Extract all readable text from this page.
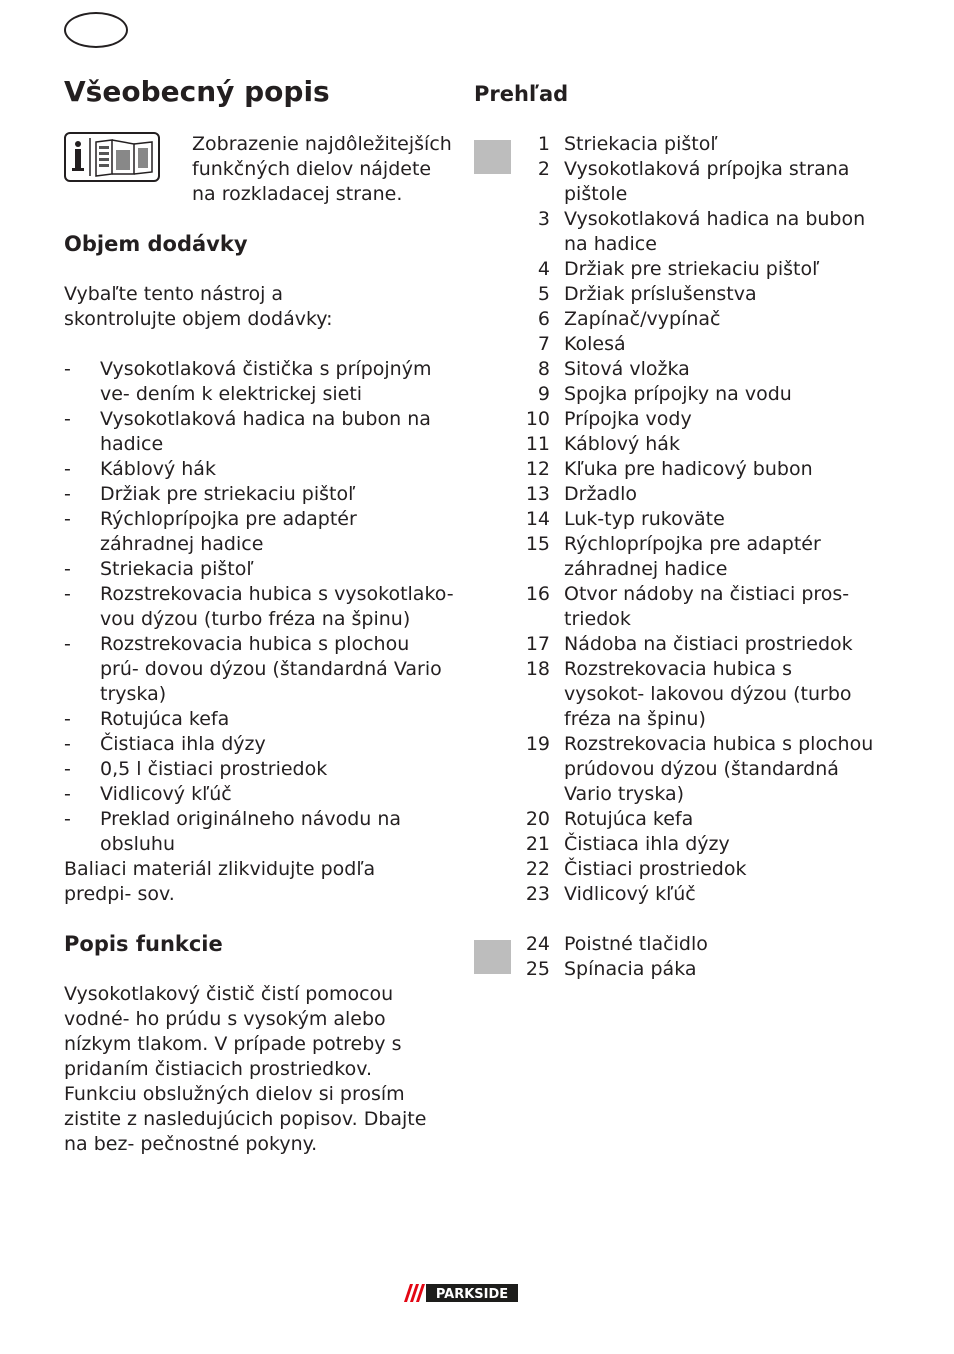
Všeobecný popis

Zobrazenie najdôležitejších funkčných dielov nájdete na rozkladacej strane.

Objem dodávky

Vybaľte tento nástroj a skontrolujte objem dodávky:

- Vysokotlaková čistička s prípojným ve- dením k elektrickej sieti
- Vysokotlaková hadica na bubon na hadice
- Káblový hák
- Držiak pre striekaciu pištoľ
- Rýchloprípojka pre adaptér záhradnej hadice
- Striekacia pištoľ
- Rozstrekovacia hubica s vysokotlako- vou dýzou (turbo fréza na špinu)
- Rozstrekovacia hubica s plochou prú- dovou dýzou (štandardná Vario tryska)
- Rotujúca kefa
- Čistiaca ihla dýzy
- 0,5 l čistiaci prostriedok
- Vidlicový kľúč
- Preklad originálneho návodu na obsluhu

Baliaci materiál zlikvidujte podľa predpi- sov.

Popis funkcie

Vysokotlakový čistič čistí pomocou vodné- ho prúdu s vysokým alebo nízkym tlakom. V prípade potreby s pridaním čistiacich prostriedkov.

Funkciu obslužných dielov si prosím zistite z nasledujúcich popisov. Dbajte na bez- pečnostné pokyny.

Prehľad
1 Striekacia pištoľ
2 Vysokotlaková prípojka strana pištole
3 Vysokotlaková hadica na bubon na hadice
4 Držiak pre striekaciu pištoľ
5 Držiak príslušenstva
6 Zapínač/vypínač
7 Kolesá
8 Sitová vložka
9 Spojka prípojky na vodu
10 Prípojka vody
11 Káblový hák
12 Kľuka pre hadicový bubon
13 Držadlo
14 Luk-typ rukoväte
15 Rýchloprípojka pre adaptér záhradnej hadice
16 Otvor nádoby na čistiaci pros- triedok
17 Nádoba na čistiaci prostriedok
18 Rozstrekovacia hubica s vysokot- lakovou dýzou (turbo fréza na špinu)
19 Rozstrekovacia hubica s plochou prúdovou dýzou (štandardná Vario tryska)
20 Rotujúca kefa
21 Čistiaca ihla dýzy
22 Čistiaci prostriedok
23 Vidlicový kľúč
24 Poistné tlačidlo
25 Spínacia páka
PARKSIDE
